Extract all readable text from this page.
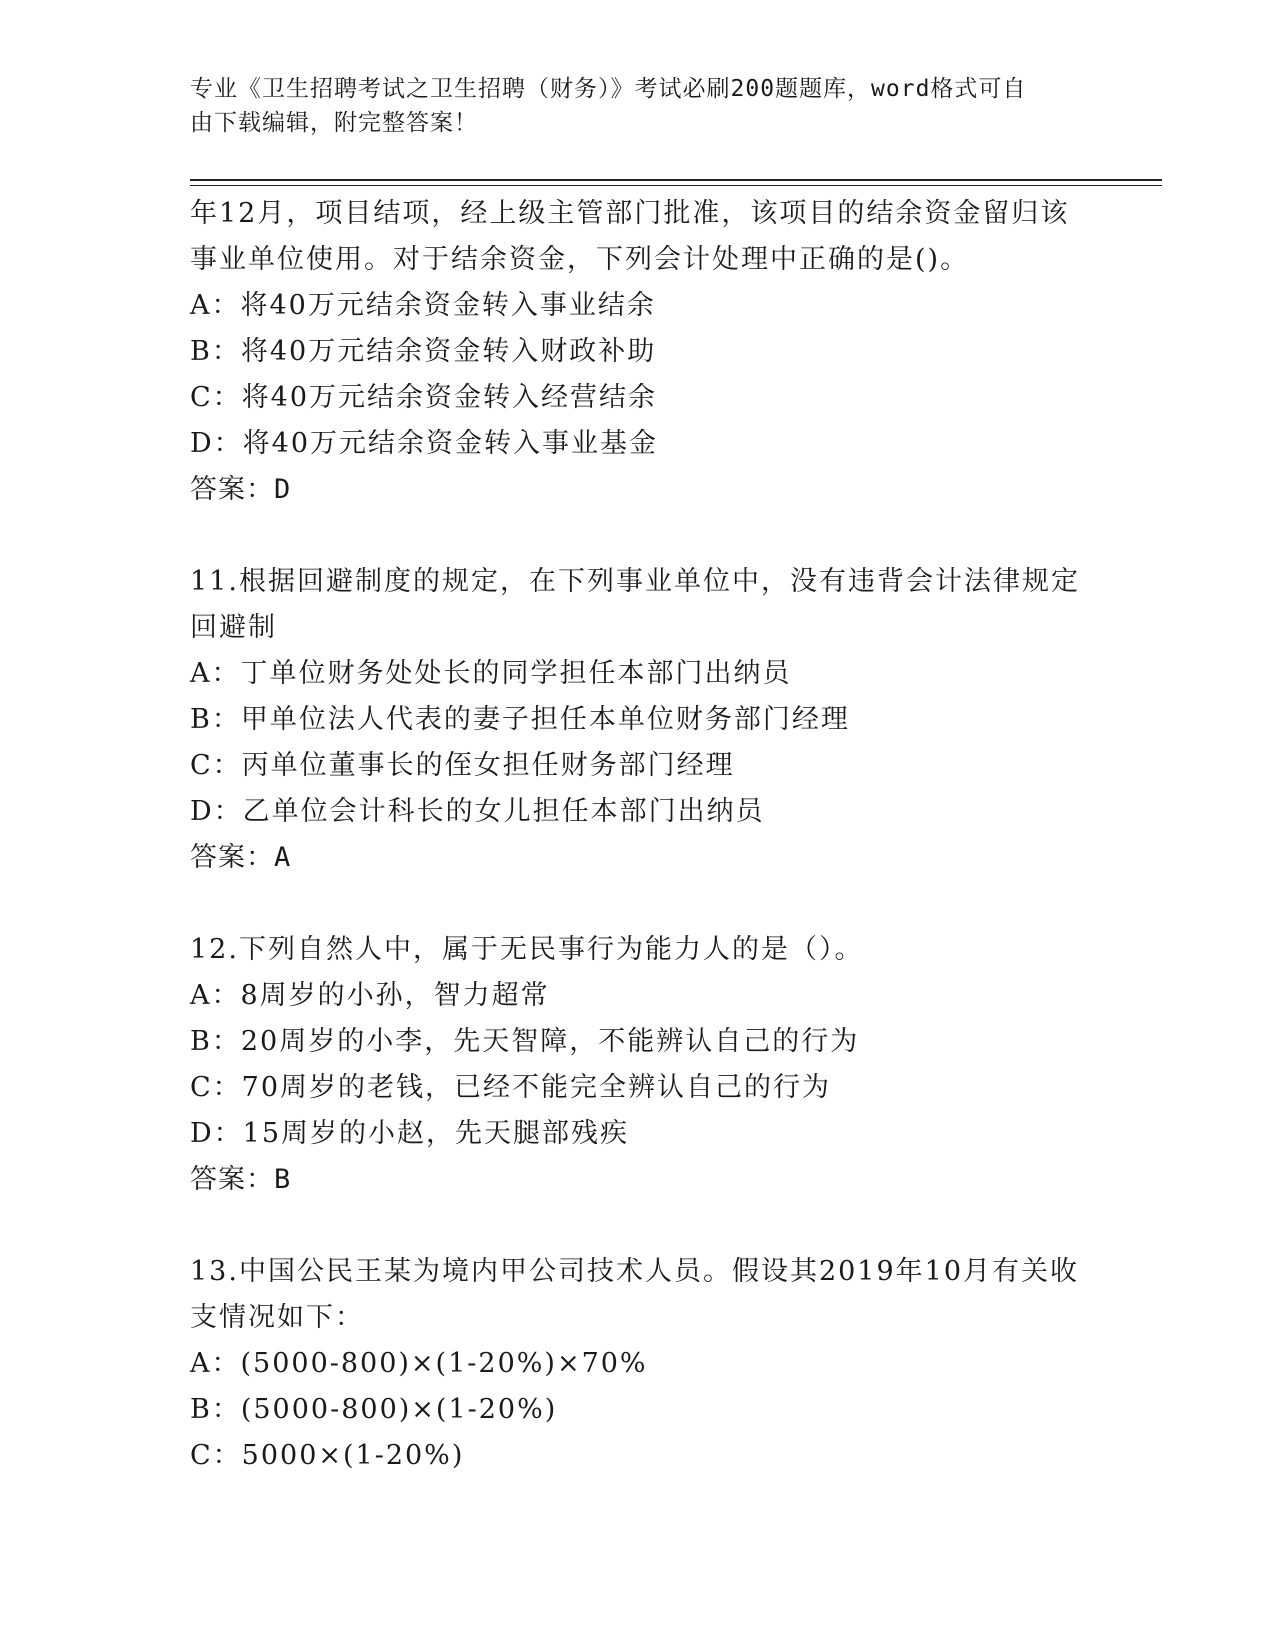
专业《卫生招聘考试之卫生招聘（财务）》考试必刷200题题库，word格式可自
由下载编辑，附完整答案！
年12月，项目结项，经上级主管部门批准，该项目的结余资金留归该
事业单位使用。对于结余资金，下列会计处理中正确的是()。
A：将40万元结余资金转入事业结余
B：将40万元结余资金转入财政补助
C：将40万元结余资金转入经营结余
D：将40万元结余资金转入事业基金
答案：D
11.根据回避制度的规定，在下列事业单位中，没有违背会计法律规定
回避制
A：丁单位财务处处长的同学担任本部门出纳员
B：甲单位法人代表的妻子担任本单位财务部门经理
C：丙单位董事长的侄女担任财务部门经理
D：乙单位会计科长的女儿担任本部门出纳员
答案：A
12.下列自然人中，属于无民事行为能力人的是（）。
A：8周岁的小孙，智力超常
B：20周岁的小李，先天智障，不能辨认自己的行为
C：70周岁的老钱，已经不能完全辨认自己的行为
D：15周岁的小赵，先天腿部残疾
答案：B
13.中国公民王某为境内甲公司技术人员。假设其2019年10月有关收
支情况如下：
A：(5000-800)×(1-20%)×70%
B：(5000-800)×(1-20%)
C：5000×(1-20%)
